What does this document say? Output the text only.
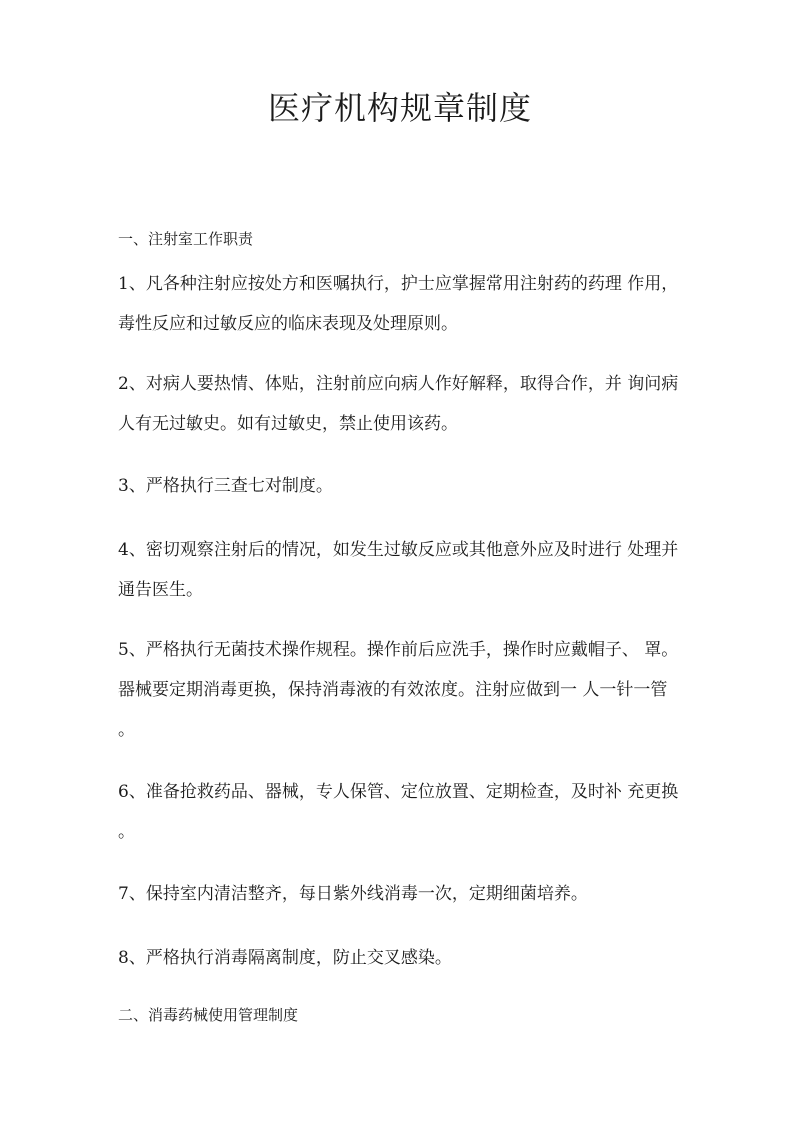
医疗机构规章制度

一、注射室工作职责

1、凡各种注射应按处方和医嘱执行，护士应掌握常用注射药的药理 作用，
毒性反应和过敏反应的临床表现及处理原则。

2、对病人要热情、体贴，注射前应向病人作好解释，取得合作，并 询问病
人有无过敏史。如有过敏史，禁止使用该药。

3、严格执行三查七对制度。

4、密切观察注射后的情况，如发生过敏反应或其他意外应及时进行 处理并
通告医生。

5、严格执行无菌技术操作规程。操作前后应洗手，操作时应戴帽子、 罩。
器械要定期消毒更换，保持消毒液的有效浓度。注射应做到一 人一针一管
。

6、准备抢救药品、器械，专人保管、定位放置、定期检查，及时补 充更换
。

7、保持室内清洁整齐，每日紫外线消毒一次，定期细菌培养。

8、严格执行消毒隔离制度，防止交叉感染。

二、消毒药械使用管理制度
